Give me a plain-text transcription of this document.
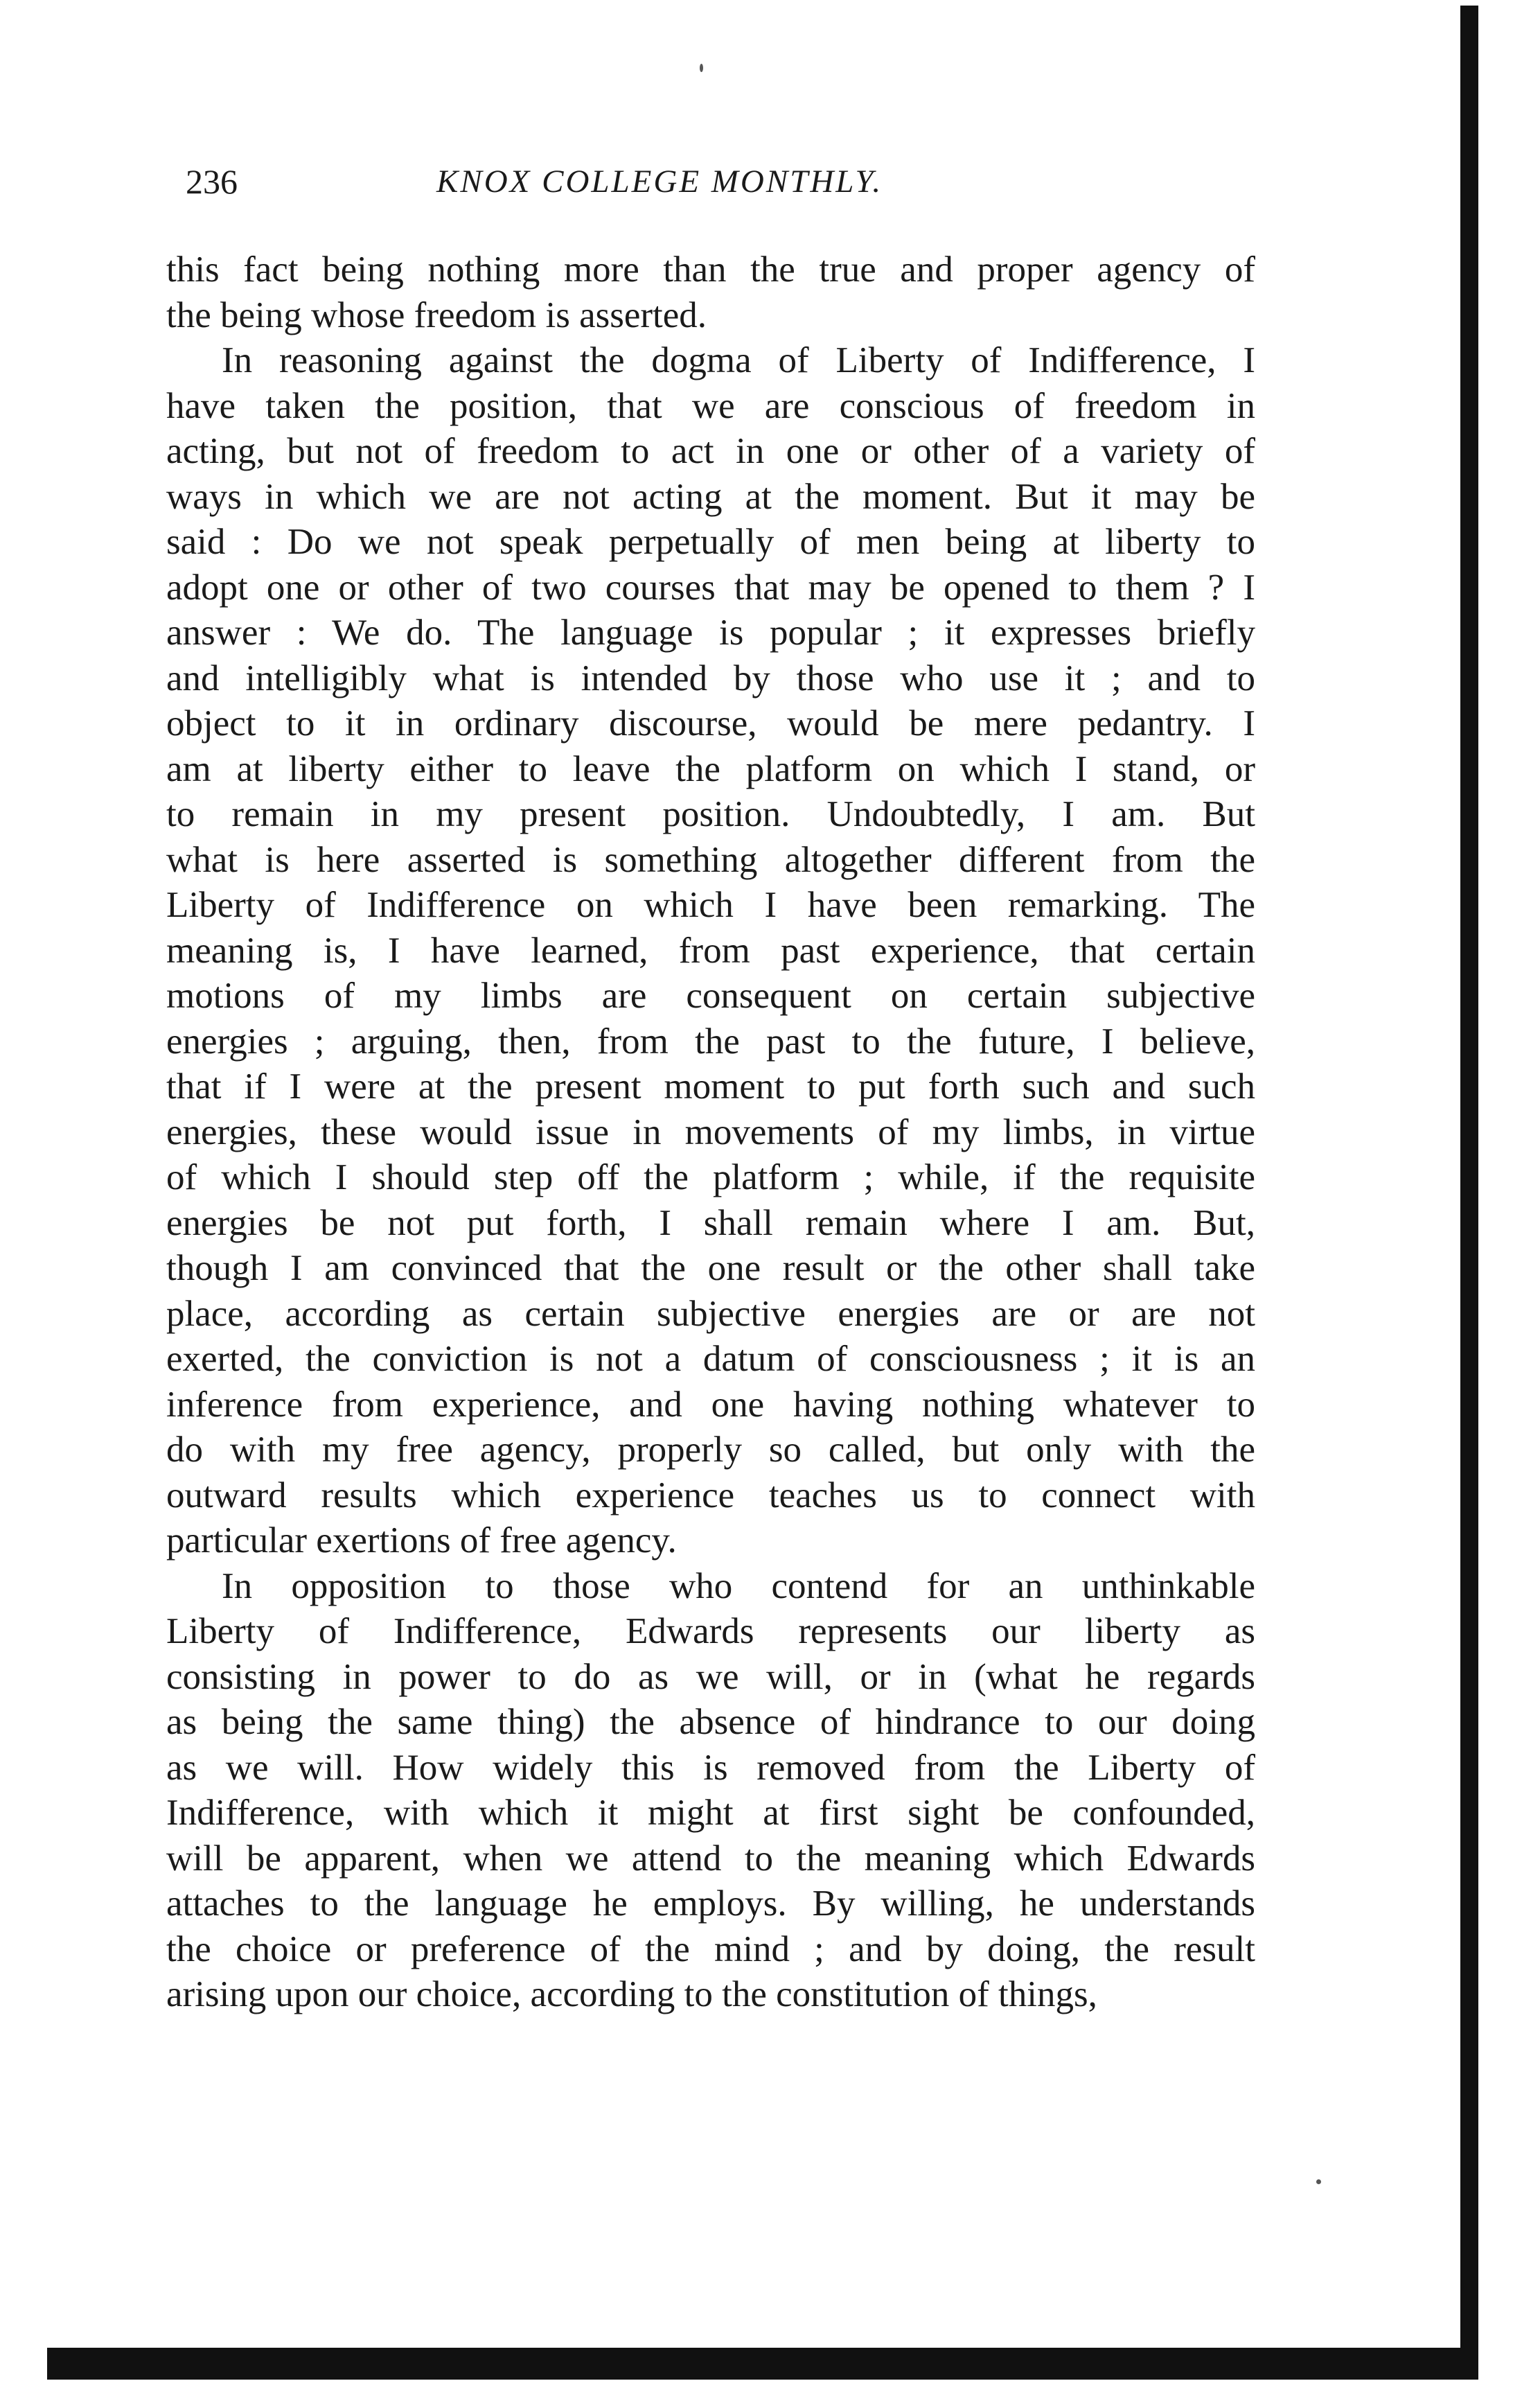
236	KNOX COLLEGE MONTHLY.
this fact being nothing more than the true and proper agency of
the being whose freedom is asserted.
In reasoning against the dogma of Liberty of Indifference, I
have taken the position, that we are conscious of freedom in
acting, but not of freedom to act in one or other of a variety of
ways in which we are not acting at the moment. But it may be
said : Do we not speak perpetually of men being at liberty to
adopt one or other of two courses that may be opened to them ? I
answer : We do. The language is popular ; it expresses briefly
and intelligibly what is intended by those who use it ; and to
object to it in ordinary discourse, would be mere pedantry. I
am at liberty either to leave the platform on which I stand, or
to remain in my present position. Undoubtedly, I am. But
what is here asserted is something altogether different from the
Liberty of Indifference on which I have been remarking. The
meaning is, I have learned, from past experience, that certain
motions of my limbs are consequent on certain subjective
energies ; arguing, then, from the past to the future, I believe,
that if I were at the present moment to put forth such and such
energies, these would issue in movements of my limbs, in virtue
of which I should step off the platform ; while, if the requisite
energies be not put forth, I shall remain where I am. But,
though I am convinced that the one result or the other shall take
place, according as certain subjective energies are or are not
exerted, the conviction is not a datum of consciousness ; it is an
inference from experience, and one having nothing whatever to
do with my free agency, properly so called, but only with the
outward results which experience teaches us to connect with
particular exertions of free agency.
In opposition to those who contend for an unthinkable
Liberty of Indifference, Edwards represents our liberty as
consisting in power to do as we will, or in (what he regards
as being the same thing) the absence of hindrance to our doing
as we will. How widely this is removed from the Liberty of
Indifference, with which it might at first sight be confounded,
will be apparent, when we attend to the meaning which Edwards
attaches to the language he employs. By willing, he understands
the choice or preference of the mind ; and by doing, the result
arising upon our choice, according to the constitution of things,
